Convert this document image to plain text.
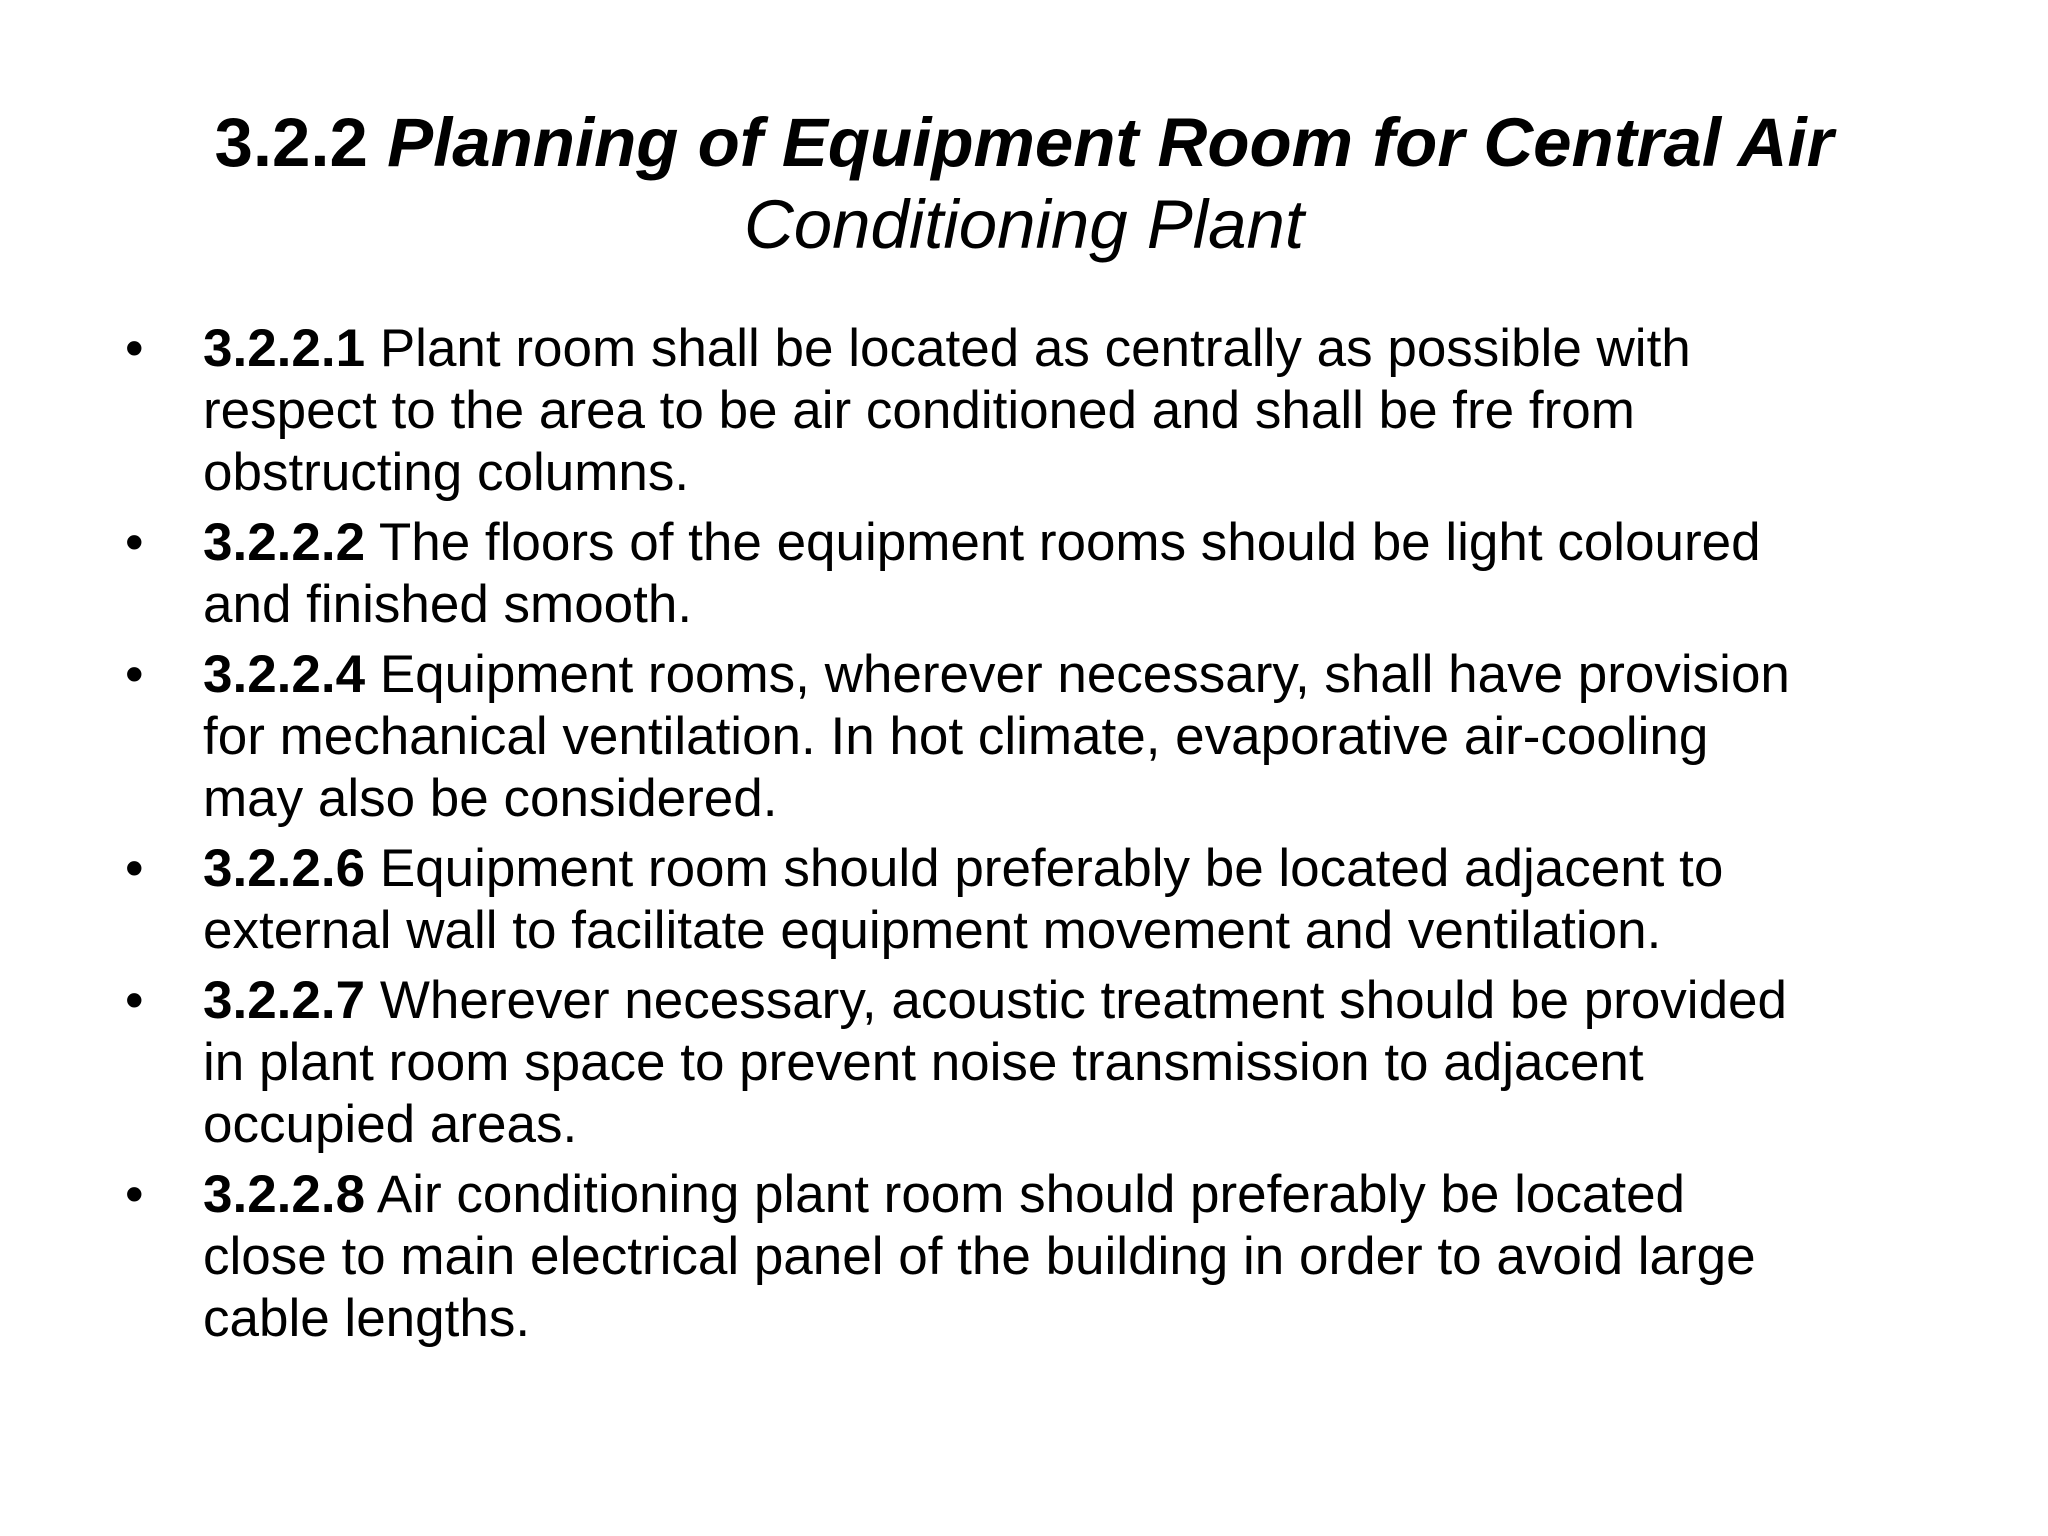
3.2.2 Planning of Equipment Room for Central Air
Conditioning Plant
• 3.2.2.1 Plant room shall be located as centrally as possible with
respect to the area to be air conditioned and shall be fre from
obstructing columns.
• 3.2.2.2 The floors of the equipment rooms should be light coloured
and finished smooth.
• 3.2.2.4 Equipment rooms, wherever necessary, shall have provision
for mechanical ventilation. In hot climate, evaporative air-cooling
may also be considered.
• 3.2.2.6 Equipment room should preferably be located adjacent to
external wall to facilitate equipment movement and ventilation.
• 3.2.2.7 Wherever necessary, acoustic treatment should be provided
in plant room space to prevent noise transmission to adjacent
occupied areas.
• 3.2.2.8 Air conditioning plant room should preferably be located
close to main electrical panel of the building in order to avoid large
cable lengths.
